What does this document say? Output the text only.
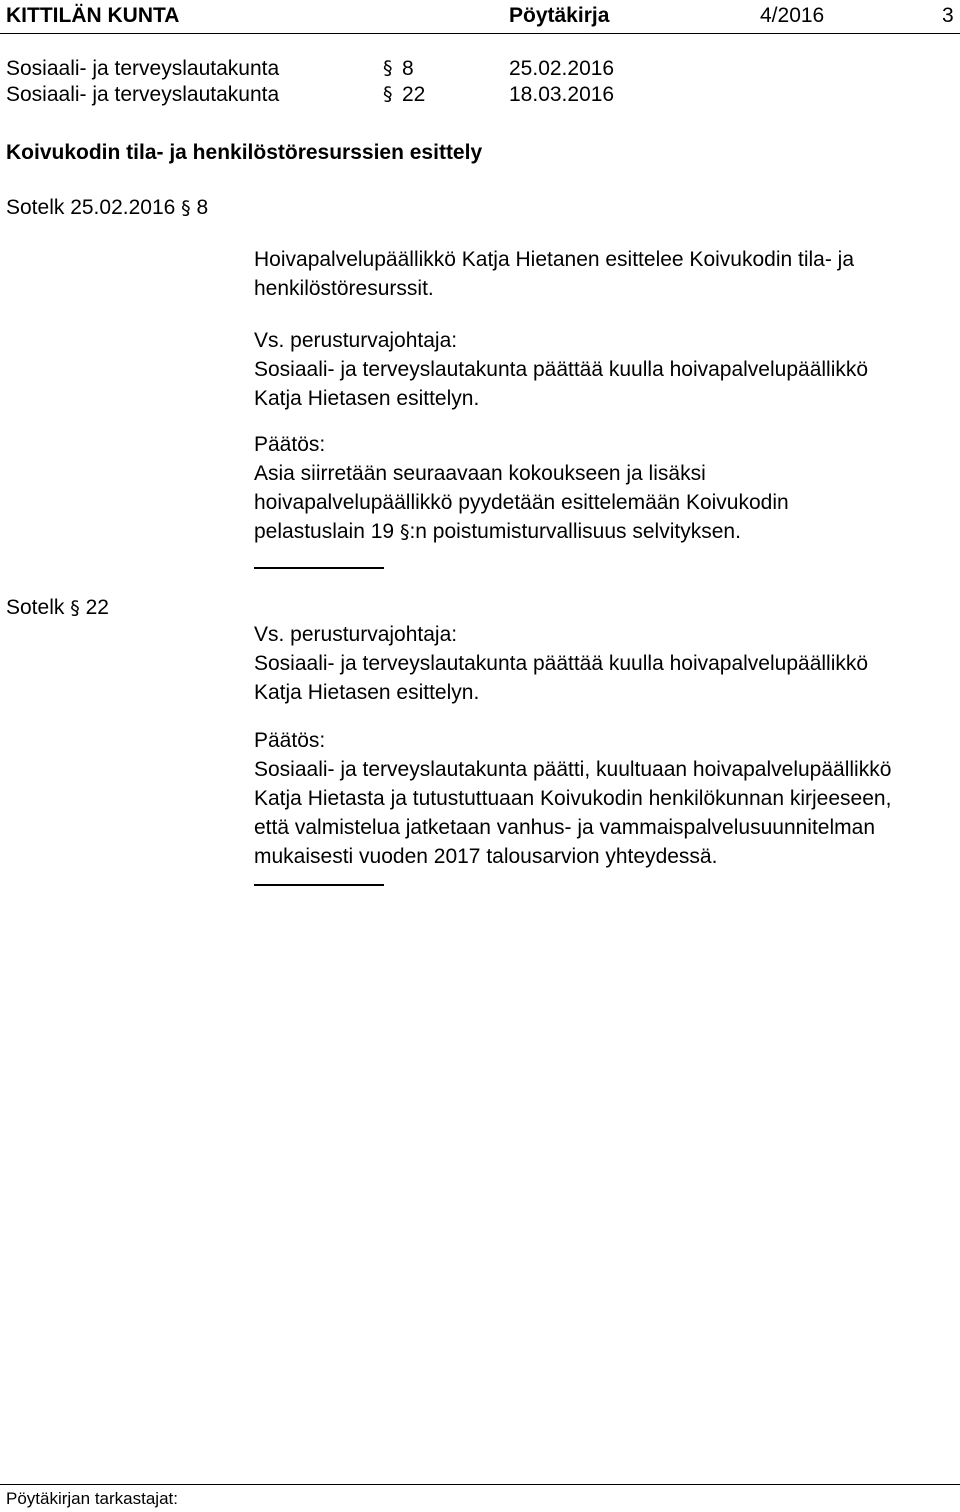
KITTILÄN KUNTA	Pöytäkirja	4/2016	3
Sosiaali- ja terveyslautakunta	§ 8	25.02.2016
Sosiaali- ja terveyslautakunta	§ 22	18.03.2016
Koivukodin tila- ja henkilöstöresurssien esittely
Sotelk 25.02.2016 § 8
Hoivapalvelupäällikkö Katja Hietanen esittelee Koivukodin tila- ja
henkilöstöresurssit.
Vs. perusturvajohtaja:
Sosiaali- ja terveyslautakunta päättää kuulla hoivapalvelupäällikkö
Katja Hietasen esittelyn.
Päätös:
Asia siirretään seuraavaan kokoukseen ja lisäksi
hoivapalvelupäällikkö pyydetään esittelemään Koivukodin
pelastuslain 19 §:n poistumisturvallisuus selvityksen.
Sotelk § 22
Vs. perusturvajohtaja:
Sosiaali- ja terveyslautakunta päättää kuulla hoivapalvelupäällikkö
Katja Hietasen esittelyn.
Päätös:
Sosiaali- ja terveyslautakunta päätti, kuultuaan hoivapalvelupäällikkö
Katja Hietasta ja tutustuttuaan Koivukodin henkilökunnan kirjeeseen,
että valmistelua jatketaan vanhus- ja vammaispalvelusuunnitelman
mukaisesti vuoden 2017 talousarvion yhteydessä.
Pöytäkirjan tarkastajat:
